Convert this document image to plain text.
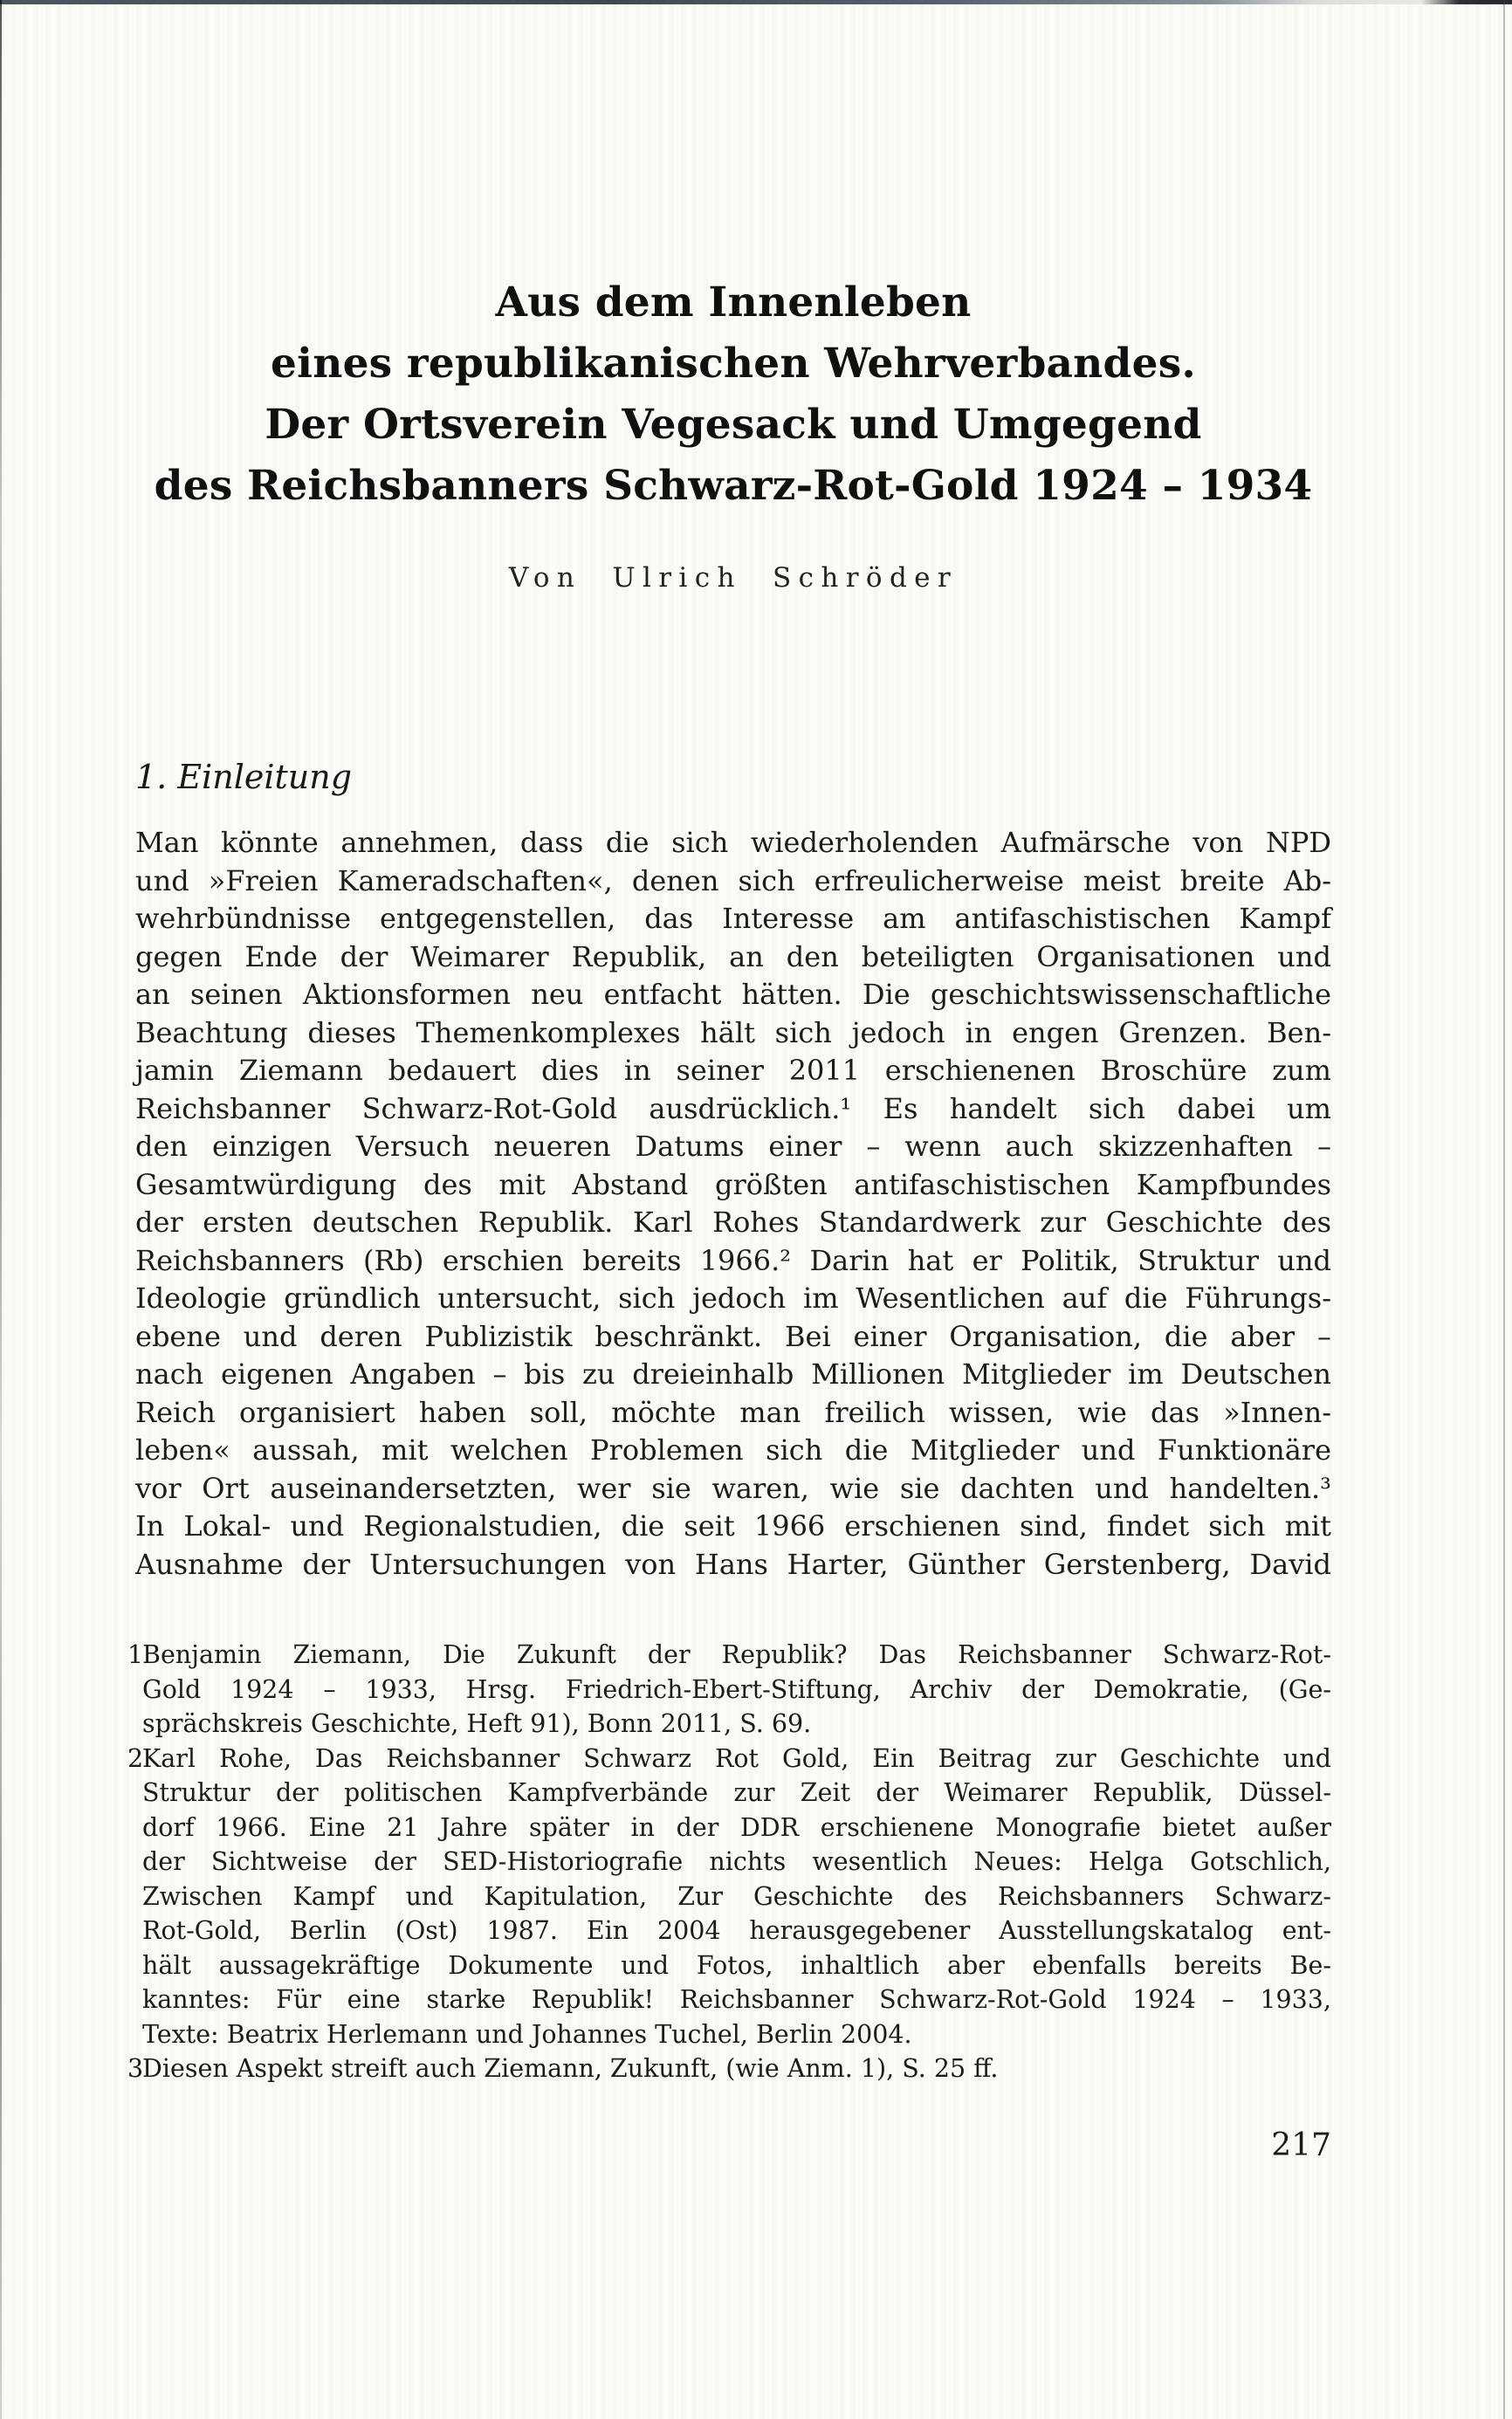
Aus dem Innenleben
eines republikanischen Wehrverbandes.
Der Ortsverein Vegesack und Umgegend
des Reichsbanners Schwarz-Rot-Gold 1924 – 1934
Von Ulrich Schröder
1. Einleitung
Man könnte annehmen, dass die sich wiederholenden Aufmärsche von NPD
und »Freien Kameradschaften«, denen sich erfreulicherweise meist breite Ab-
wehrbündnisse entgegenstellen, das Interesse am antifaschistischen Kampf
gegen Ende der Weimarer Republik, an den beteiligten Organisationen und
an seinen Aktionsformen neu entfacht hätten. Die geschichtswissenschaftliche
Beachtung dieses Themenkomplexes hält sich jedoch in engen Grenzen. Ben-
jamin Ziemann bedauert dies in seiner 2011 erschienenen Broschüre zum
Reichsbanner Schwarz-Rot-Gold ausdrücklich.¹ Es handelt sich dabei um
den einzigen Versuch neueren Datums einer – wenn auch skizzenhaften –
Gesamtwürdigung des mit Abstand größten antifaschistischen Kampfbundes
der ersten deutschen Republik. Karl Rohes Standardwerk zur Geschichte des
Reichsbanners (Rb) erschien bereits 1966.² Darin hat er Politik, Struktur und
Ideologie gründlich untersucht, sich jedoch im Wesentlichen auf die Führungs-
ebene und deren Publizistik beschränkt. Bei einer Organisation, die aber –
nach eigenen Angaben – bis zu dreieinhalb Millionen Mitglieder im Deutschen
Reich organisiert haben soll, möchte man freilich wissen, wie das »Innen-
leben« aussah, mit welchen Problemen sich die Mitglieder und Funktionäre
vor Ort auseinandersetzten, wer sie waren, wie sie dachten und handelten.³
In Lokal- und Regionalstudien, die seit 1966 erschienen sind, findet sich mit
Ausnahme der Untersuchungen von Hans Harter, Günther Gerstenberg, David
1
Benjamin Ziemann, Die Zukunft der Republik? Das Reichsbanner Schwarz-Rot-
Gold 1924 – 1933, Hrsg. Friedrich-Ebert-Stiftung, Archiv der Demokratie, (Ge-
sprächskreis Geschichte, Heft 91), Bonn 2011, S. 69.
2
Karl Rohe, Das Reichsbanner Schwarz Rot Gold, Ein Beitrag zur Geschichte und
Struktur der politischen Kampfverbände zur Zeit der Weimarer Republik, Düssel-
dorf 1966. Eine 21 Jahre später in der DDR erschienene Monografie bietet außer
der Sichtweise der SED-Historiografie nichts wesentlich Neues: Helga Gotschlich,
Zwischen Kampf und Kapitulation, Zur Geschichte des Reichsbanners Schwarz-
Rot-Gold, Berlin (Ost) 1987. Ein 2004 herausgegebener Ausstellungskatalog ent-
hält aussagekräftige Dokumente und Fotos, inhaltlich aber ebenfalls bereits Be-
kanntes: Für eine starke Republik! Reichsbanner Schwarz-Rot-Gold 1924 – 1933,
Texte: Beatrix Herlemann und Johannes Tuchel, Berlin 2004.
3
Diesen Aspekt streift auch Ziemann, Zukunft, (wie Anm. 1), S. 25 ff.
217
